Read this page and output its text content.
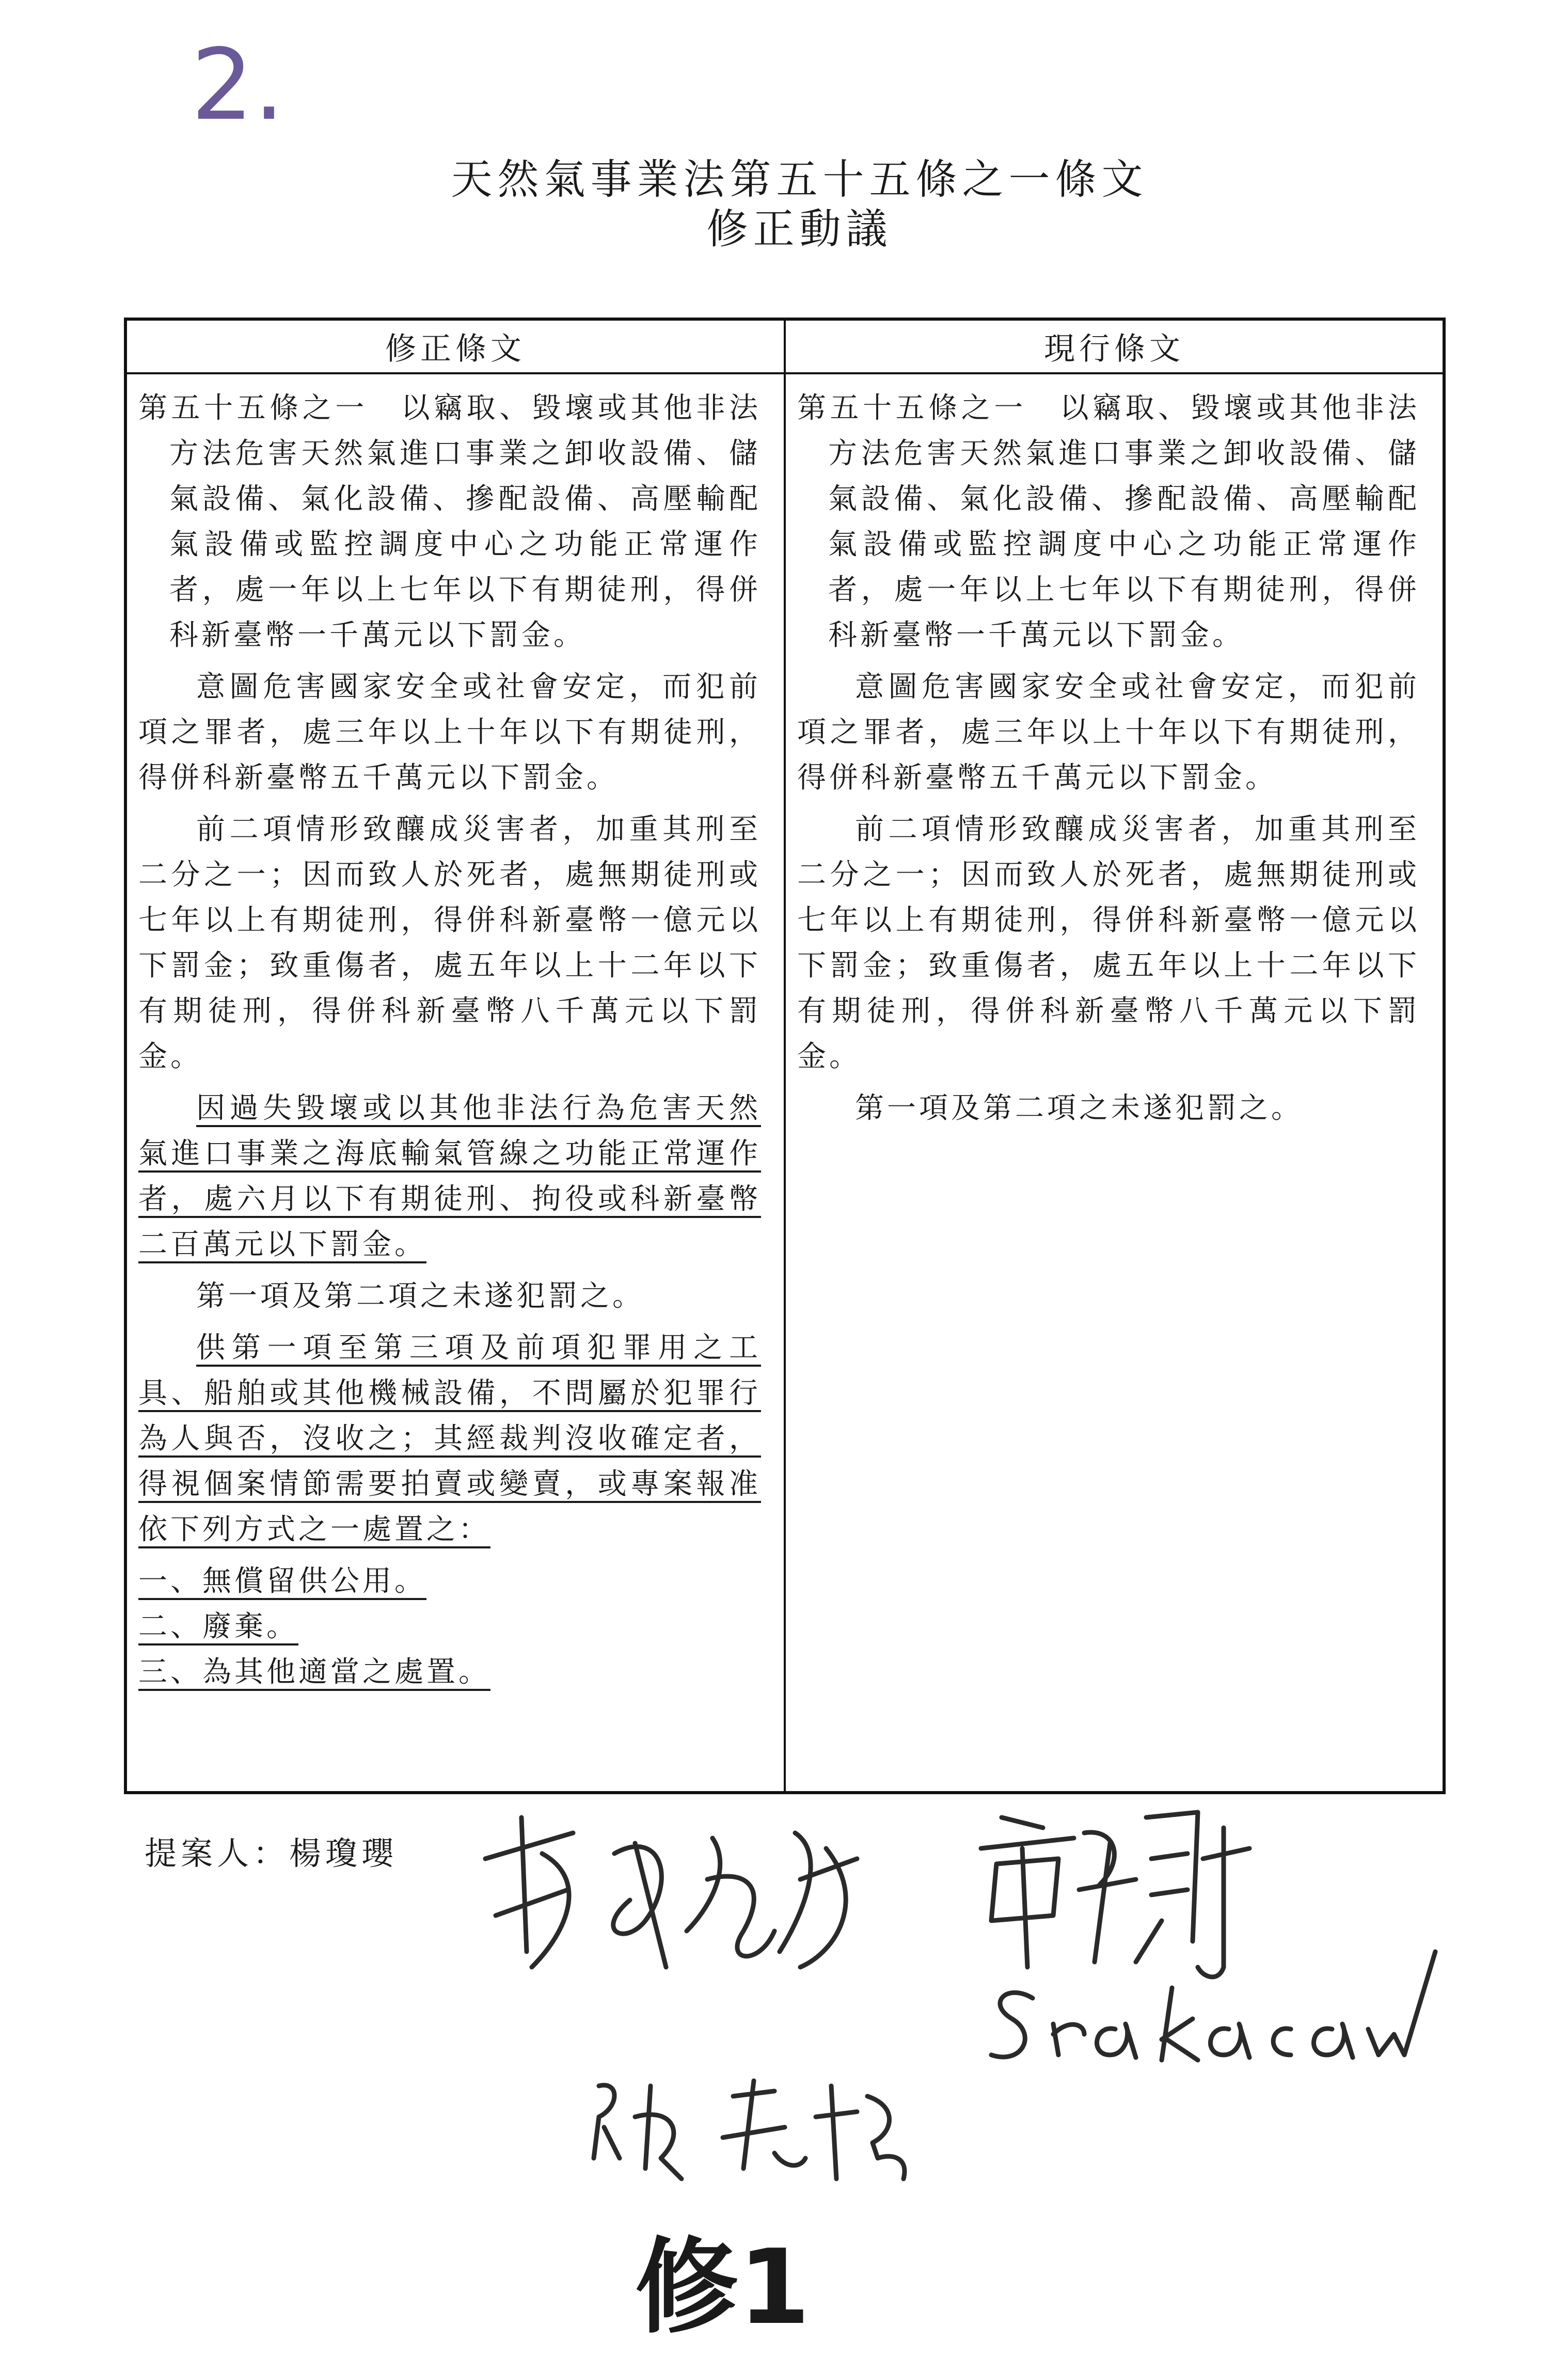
2.
天然氣事業法第五十五條之一條文
修正動議
修正條文	現行條文

第五十五條之一　以竊取、毀壞或其他非法方法危害天然氣進口事業之卸收設備、儲氣設備、氣化設備、摻配設備、高壓輸配氣設備或監控調度中心之功能正常運作者，處一年以上七年以下有期徒刑，得併科新臺幣一千萬元以下罰金。

意圖危害國家安全或社會安定，而犯前項之罪者，處三年以上十年以下有期徒刑，得併科新臺幣五千萬元以下罰金。

前二項情形致釀成災害者，加重其刑至二分之一；因而致人於死者，處無期徒刑或七年以上有期徒刑，得併科新臺幣一億元以下罰金；致重傷者，處五年以上十二年以下有期徒刑，得併科新臺幣八千萬元以下罰金。

因過失毀壞或以其他非法行為危害天然氣進口事業之海底輸氣管線之功能正常運作者，處六月以下有期徒刑、拘役或科新臺幣二百萬元以下罰金。

第一項及第二項之未遂犯罰之。

供第一項至第三項及前項犯罪用之工具、船舶或其他機械設備，不問屬於犯罪行為人與否，沒收之；其經裁判沒收確定者，得視個案情節需要拍賣或變賣，或專案報准依下列方式之一處置之：

一、無償留供公用。

二、廢棄。

三、為其他適當之處置。

第五十五條之一　以竊取、毀壞或其他非法方法危害天然氣進口事業之卸收設備、儲氣設備、氣化設備、摻配設備、高壓輸配氣設備或監控調度中心之功能正常運作者，處一年以上七年以下有期徒刑，得併科新臺幣一千萬元以下罰金。

意圖危害國家安全或社會安定，而犯前項之罪者，處三年以上十年以下有期徒刑，得併科新臺幣五千萬元以下罰金。

前二項情形致釀成災害者，加重其刑至二分之一；因而致人於死者，處無期徒刑或七年以上有期徒刑，得併科新臺幣一億元以下罰金；致重傷者，處五年以上十二年以下有期徒刑，得併科新臺幣八千萬元以下罰金。

第一項及第二項之未遂犯罰之。

提案人：楊瓊瓔
修1
